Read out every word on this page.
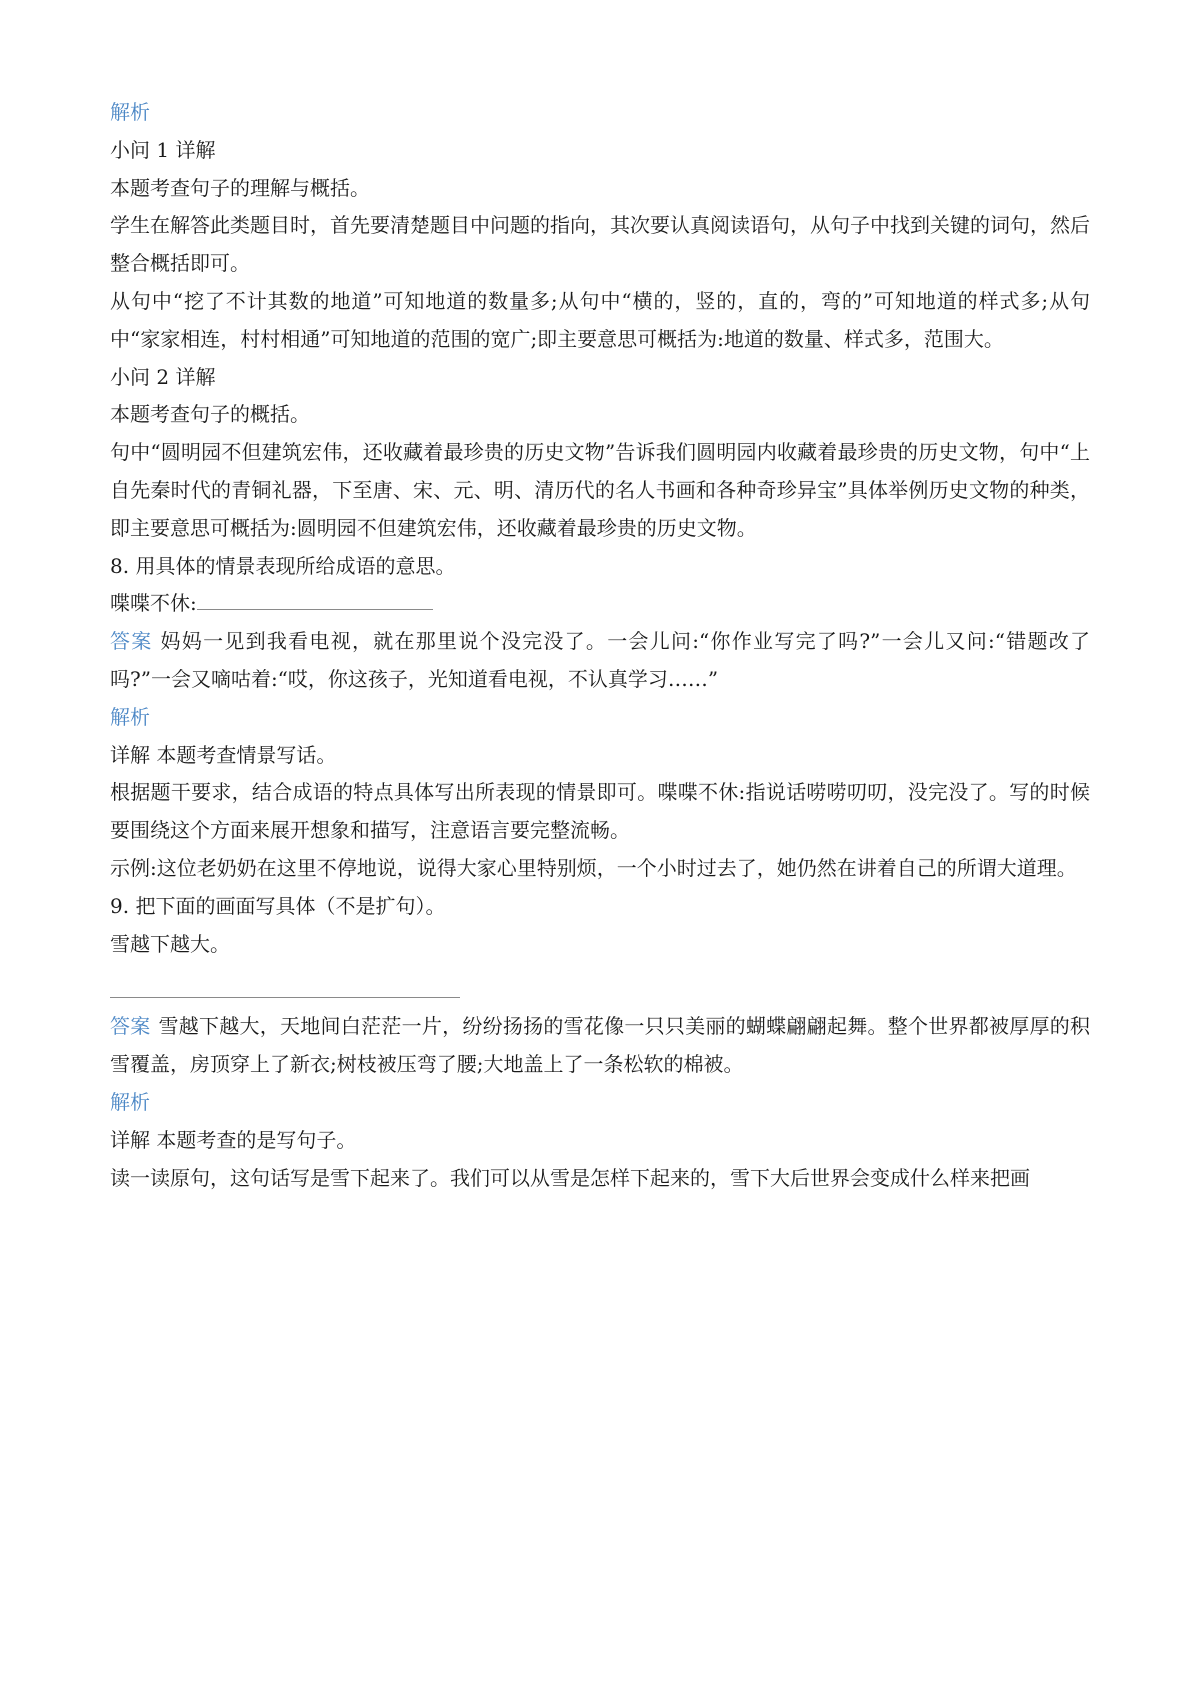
解析

小问 1 详解

本题考查句子的理解与概括。

学生在解答此类题目时，首先要清楚题目中问题的指向，其次要认真阅读语句，从句子中找到关键的词句，然后整合概括即可。

从句中“挖了不计其数的地道”可知地道的数量多;从句中“横的，竖的，直的，弯的”可知地道的样式多;从句中“家家相连，村村相通”可知地道的范围的宽广;即主要意思可概括为:地道的数量、样式多，范围大。

小问 2 详解

本题考查句子的概括。

句中“圆明园不但建筑宏伟，还收藏着最珍贵的历史文物”告诉我们圆明园内收藏着最珍贵的历史文物，句中“上自先秦时代的青铜礼器，下至唐、宋、元、明、清历代的名人书画和各种奇珍异宝”具体举例历史文物的种类，即主要意思可概括为:圆明园不但建筑宏伟，还收藏着最珍贵的历史文物。

8. 用具体的情景表现所给成语的意思。

喋喋不休:

答案 妈妈一见到我看电视，就在那里说个没完没了。一会儿问:“你作业写完了吗?”一会儿又问:“错题改了吗?”一会又嘀咕着:“哎，你这孩子，光知道看电视，不认真学习……”

解析

详解 本题考查情景写话。

根据题干要求，结合成语的特点具体写出所表现的情景即可。喋喋不休:指说话唠唠叨叨，没完没了。写的时候要围绕这个方面来展开想象和描写，注意语言要完整流畅。

示例:这位老奶奶在这里不停地说，说得大家心里特别烦，一个小时过去了，她仍然在讲着自己的所谓大道理。

9. 把下面的画面写具体（不是扩句）。

雪越下越大。

答案 雪越下越大，天地间白茫茫一片，纷纷扬扬的雪花像一只只美丽的蝴蝶翩翩起舞。整个世界都被厚厚的积雪覆盖，房顶穿上了新衣;树枝被压弯了腰;大地盖上了一条松软的棉被。

解析

详解 本题考查的是写句子。

读一读原句，这句话写是雪下起来了。我们可以从雪是怎样下起来的，雪下大后世界会变成什么样来把画
